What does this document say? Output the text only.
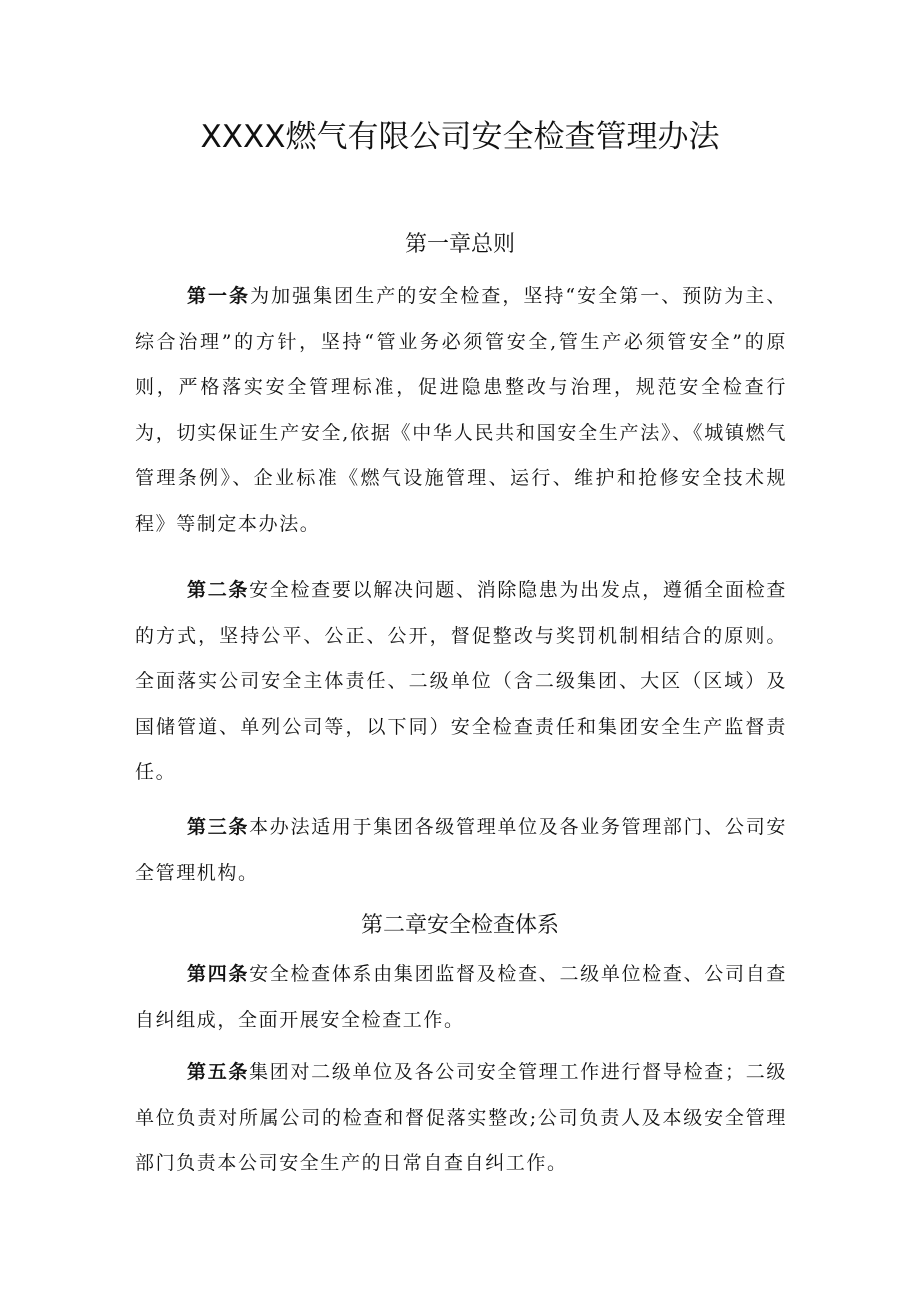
XXXX燃气有限公司安全检查管理办法
第一章总则

第一条为加强集团生产的安全检查，坚持“安全第一、预防为主、综合治理”的方针，坚持“管业务必须管安全,管生产必须管安全”的原则，严格落实安全管理标准，促进隐患整改与治理，规范安全检查行为，切实保证生产安全,依据《中华人民共和国安全生产法》、《城镇燃气管理条例》、企业标准《燃气设施管理、运行、维护和抢修安全技术规程》等制定本办法。

第二条安全检查要以解决问题、消除隐患为出发点，遵循全面检查的方式，坚持公平、公正、公开，督促整改与奖罚机制相结合的原则。全面落实公司安全主体责任、二级单位（含二级集团、大区（区域）及国储管道、单列公司等，以下同）安全检查责任和集团安全生产监督责任。

第三条本办法适用于集团各级管理单位及各业务管理部门、公司安全管理机构。

第二章安全检查体系

第四条安全检查体系由集团监督及检查、二级单位检查、公司自查自纠组成，全面开展安全检查工作。

第五条集团对二级单位及各公司安全管理工作进行督导检查；二级单位负责对所属公司的检查和督促落实整改;公司负责人及本级安全管理部门负责本公司安全生产的日常自查自纠工作。
